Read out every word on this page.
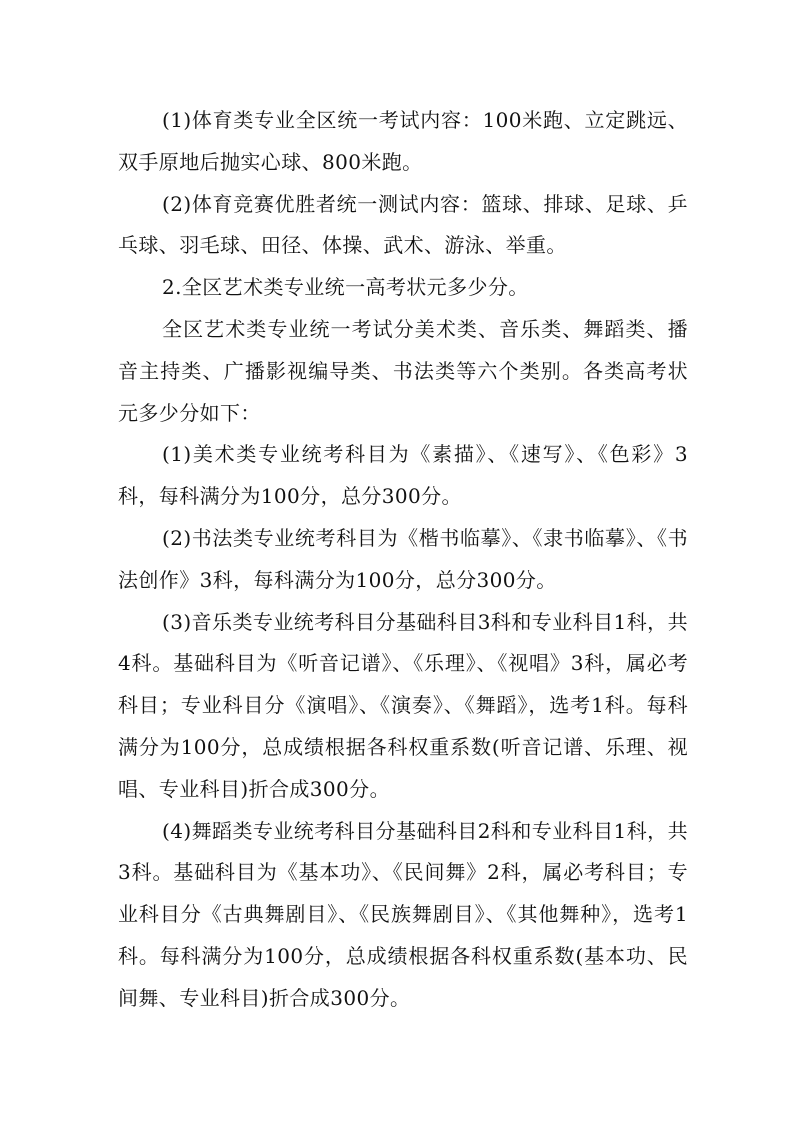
(1)体育类专业全区统一考试内容：100米跑、立定跳远、双手原地后抛实心球、800米跑。

(2)体育竞赛优胜者统一测试内容：篮球、排球、足球、乒乓球、羽毛球、田径、体操、武术、游泳、举重。

2.全区艺术类专业统一高考状元多少分。

全区艺术类专业统一考试分美术类、音乐类、舞蹈类、播音主持类、广播影视编导类、书法类等六个类别。各类高考状元多少分如下：

(1)美术类专业统考科目为《素描》、《速写》、《色彩》3科，每科满分为100分，总分300分。

(2)书法类专业统考科目为《楷书临摹》、《隶书临摹》、《书法创作》3科，每科满分为100分，总分300分。

(3)音乐类专业统考科目分基础科目3科和专业科目1科，共4科。基础科目为《听音记谱》、《乐理》、《视唱》3科，属必考科目；专业科目分《演唱》、《演奏》、《舞蹈》，选考1科。每科满分为100分，总成绩根据各科权重系数(听音记谱、乐理、视唱、专业科目)折合成300分。

(4)舞蹈类专业统考科目分基础科目2科和专业科目1科，共3科。基础科目为《基本功》、《民间舞》2科，属必考科目；专业科目分《古典舞剧目》、《民族舞剧目》、《其他舞种》，选考1科。每科满分为100分，总成绩根据各科权重系数(基本功、民间舞、专业科目)折合成300分。
